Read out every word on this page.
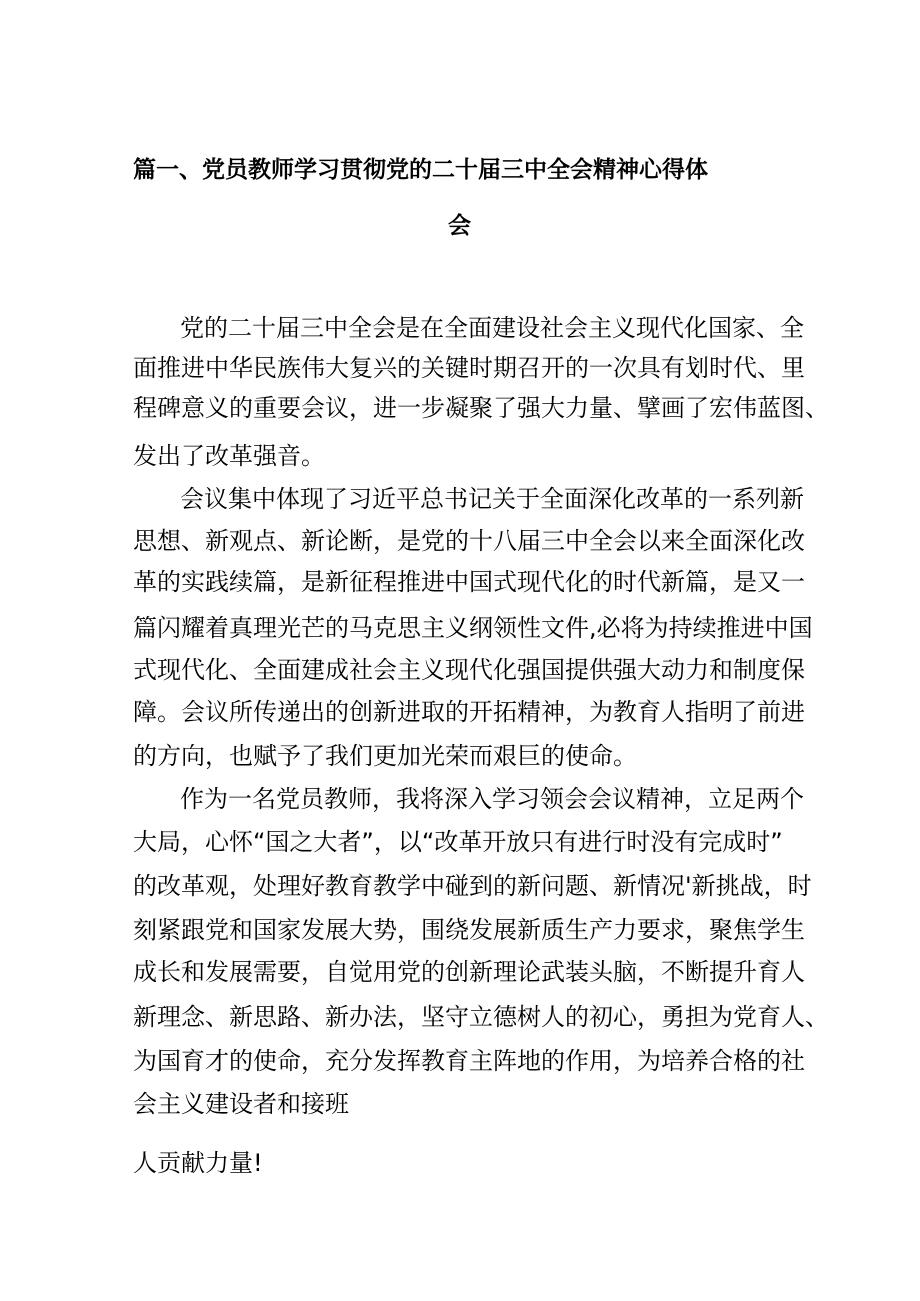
篇一、党员教师学习贯彻党的二十届三中全会精神心得体
会
党的二十届三中全会是在全面建设社会主义现代化国家、全
面推进中华民族伟大复兴的关键时期召开的一次具有划时代、里
程碑意义的重要会议，进一步凝聚了强大力量、擘画了宏伟蓝图、
发出了改革强音。
会议集中体现了习近平总书记关于全面深化改革的一系列新
思想、新观点、新论断，是党的十八届三中全会以来全面深化改
革的实践续篇，是新征程推进中国式现代化的时代新篇，是又一
篇闪耀着真理光芒的马克思主义纲领性文件,必将为持续推进中国
式现代化、全面建成社会主义现代化强国提供强大动力和制度保
障。会议所传递出的创新进取的开拓精神，为教育人指明了前进
的方向，也赋予了我们更加光荣而艰巨的使命。
作为一名党员教师，我将深入学习领会会议精神，立足两个
大局，心怀“国之大者”，以“改革开放只有进行时没有完成时”
的改革观，处理好教育教学中碰到的新问题、新情况'新挑战，时
刻紧跟党和国家发展大势，围绕发展新质生产力要求，聚焦学生
成长和发展需要，自觉用党的创新理论武装头脑，不断提升育人
新理念、新思路、新办法，坚守立德树人的初心，勇担为党育人、
为国育才的使命，充分发挥教育主阵地的作用，为培养合格的社
会主义建设者和接班
人贡献力量!
